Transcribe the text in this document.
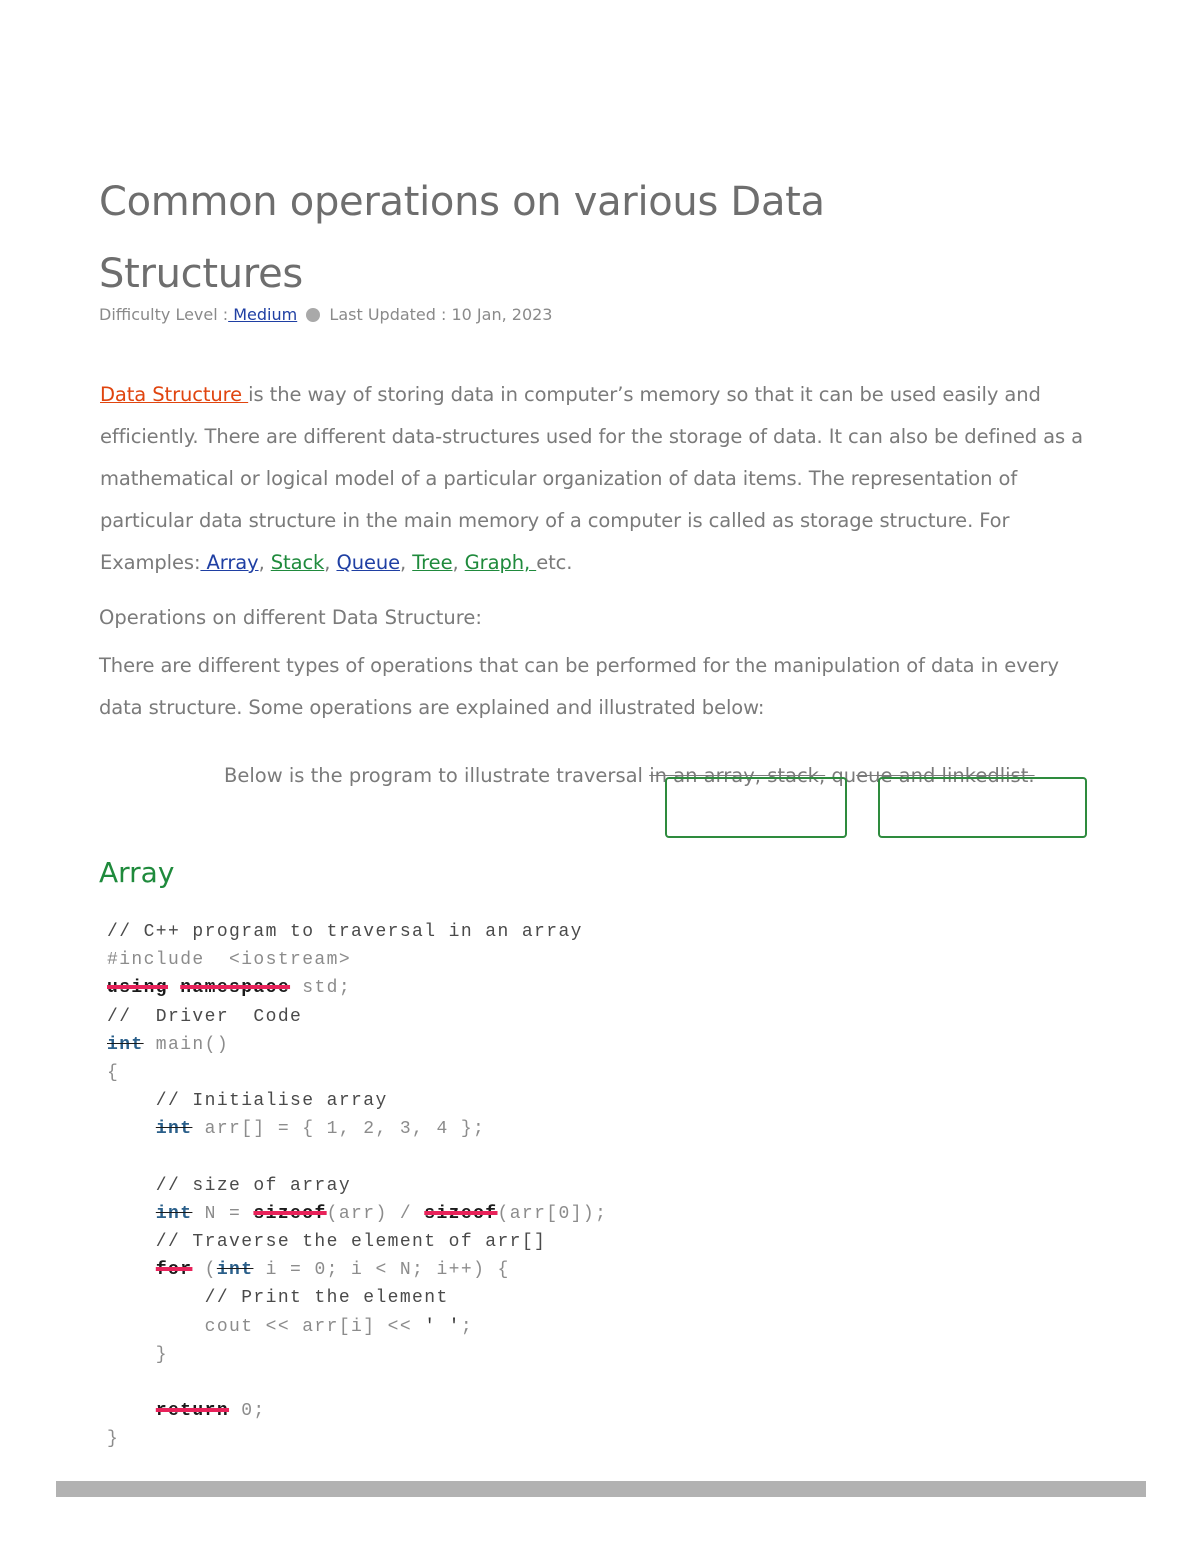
Common operations on various Data
Structures
Difficulty Level : Medium Last Updated : 10 Jan, 2023

Data Structure is the way of storing data in computer’s memory so that it can be used easily and efficiently. There are different data-structures used for the storage of data. It can also be defined as a mathematical or logical model of a particular organization of data items. The representation of particular data structure in the main memory of a computer is called as storage structure. For Examples: Array, Stack, Queue, Tree, Graph, etc.

Operations on different Data Structure:

There are different types of operations that can be performed for the manipulation of data in every data structure. Some operations are explained and illustrated below:

Below is the program to illustrate traversal in an array, stack, queue and linkedlist.
Array
// C++ program to traversal in an array
#include  <iostream>
using namespace std;
//  Driver  Code
int main()
{
// Initialise array
int arr[] = { 1, 2, 3, 4 };
// size of array
int N = sizeof(arr) / sizeof(arr[0]);
// Traverse the element of arr[]
for (int i = 0; i < N; i++) {
// Print the element
cout << arr[i] << ' ';
}
return 0;
}
